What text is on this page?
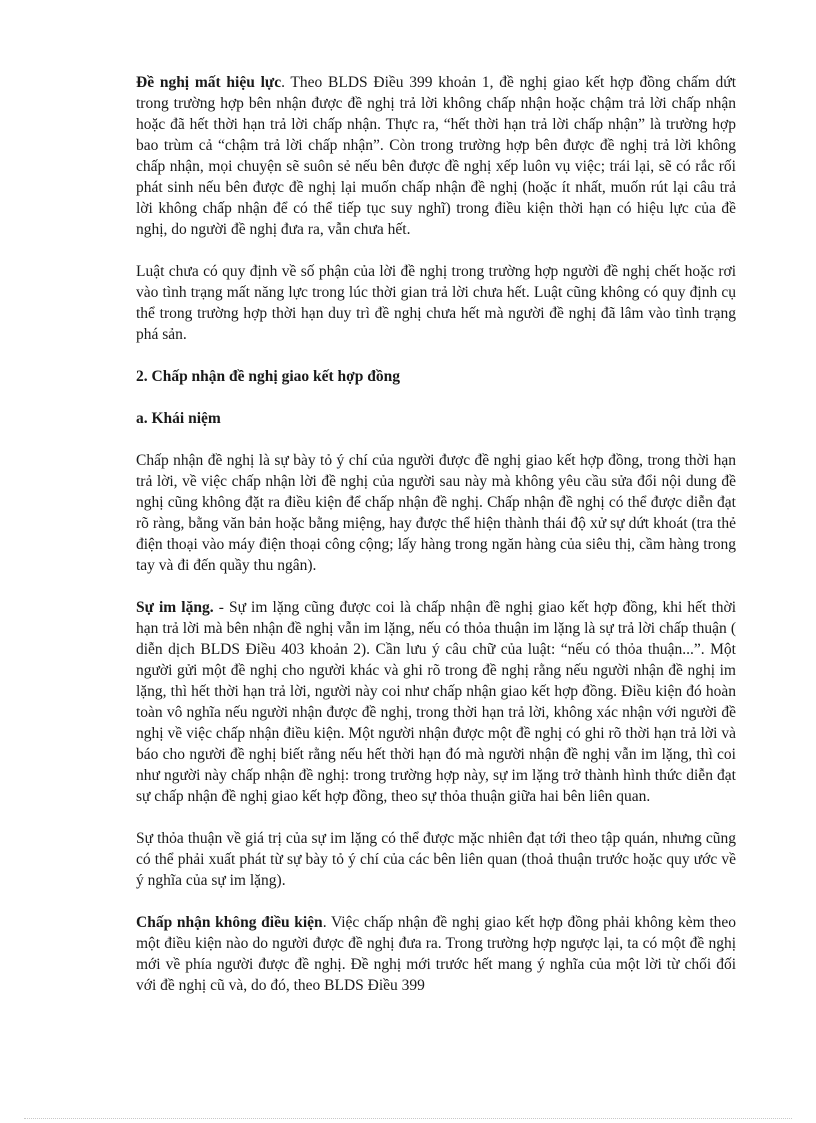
Đề nghị mất hiệu lực. Theo BLDS Điều 399 khoản 1, đề nghị giao kết hợp đồng chấm dứt trong trường hợp bên nhận được đề nghị trả lời không chấp nhận hoặc chậm trả lời chấp nhận hoặc đã hết thời hạn trả lời chấp nhận. Thực ra, “hết thời hạn trả lời chấp nhận” là trường hợp bao trùm cả “chậm trả lời chấp nhận”. Còn trong trường hợp bên được đề nghị trả lời không chấp nhận, mọi chuyện sẽ suôn sẻ nếu bên được đề nghị xếp luôn vụ việc; trái lại, sẽ có rắc rối phát sinh nếu bên được đề nghị lại muốn chấp nhận đề nghị (hoặc ít nhất, muốn rút lại câu trả lời không chấp nhận để có thể tiếp tục suy nghĩ) trong điều kiện thời hạn có hiệu lực của đề nghị, do người đề nghị đưa ra, vẫn chưa hết.

Luật chưa có quy định về số phận của lời đề nghị trong trường hợp người đề nghị chết hoặc rơi vào tình trạng mất năng lực trong lúc thời gian trả lời chưa hết. Luật cũng không có quy định cụ thể trong trường hợp thời hạn duy trì đề nghị chưa hết mà người đề nghị đã lâm vào tình trạng phá sản.

2. Chấp nhận đề nghị giao kết hợp đồng

a. Khái niệm

Chấp nhận đề nghị là sự bày tỏ ý chí của người được đề nghị giao kết hợp đồng, trong thời hạn trả lời, về việc chấp nhận lời đề nghị của người sau này mà không yêu cầu sửa đổi nội dung đề nghị cũng không đặt ra điều kiện để chấp nhận đề nghị. Chấp nhận đề nghị có thể được diễn đạt rõ ràng, bằng văn bản hoặc bằng miệng, hay được thể hiện thành thái độ xử sự dứt khoát (tra thẻ điện thoại vào máy điện thoại công cộng; lấy hàng trong ngăn hàng của siêu thị, cầm hàng trong tay và đi đến quầy thu ngân).

Sự im lặng. - Sự im lặng cũng được coi là chấp nhận đề nghị giao kết hợp đồng, khi hết thời hạn trả lời mà bên nhận đề nghị vẫn im lặng, nếu có thỏa thuận im lặng là sự trả lời chấp thuận ( diễn dịch BLDS Điều 403 khoản 2). Cần lưu ý câu chữ của luật: “nếu có thỏa thuận...”. Một người gửi một đề nghị cho người khác và ghi rõ trong đề nghị rằng nếu người nhận đề nghị im lặng, thì hết thời hạn trả lời, người này coi như chấp nhận giao kết hợp đồng. Điều kiện đó hoàn toàn vô nghĩa nếu người nhận được đề nghị, trong thời hạn trả lời, không xác nhận với người đề nghị về việc chấp nhận điều kiện. Một người nhận được một đề nghị có ghi rõ thời hạn trả lời và báo cho người đề nghị biết rằng nếu hết thời hạn đó mà người nhận đề nghị vẫn im lặng, thì coi như người này chấp nhận đề nghị: trong trường hợp này, sự im lặng trở thành hình thức diễn đạt sự chấp nhận đề nghị giao kết hợp đồng, theo sự thỏa thuận giữa hai bên liên quan.

Sự thỏa thuận về giá trị của sự im lặng có thể được mặc nhiên đạt tới theo tập quán, nhưng cũng có thể phải xuất phát từ sự bày tỏ ý chí của các bên liên quan (thoả thuận trước hoặc quy ước về ý nghĩa của sự im lặng).

Chấp nhận không điều kiện. Việc chấp nhận đề nghị giao kết hợp đồng phải không kèm theo một điều kiện nào do người được đề nghị đưa ra. Trong trường hợp ngược lại, ta có một đề nghị mới về phía người được đề nghị. Đề nghị mới trước hết mang ý nghĩa của một lời từ chối đối với đề nghị cũ và, do đó, theo BLDS Điều 399
